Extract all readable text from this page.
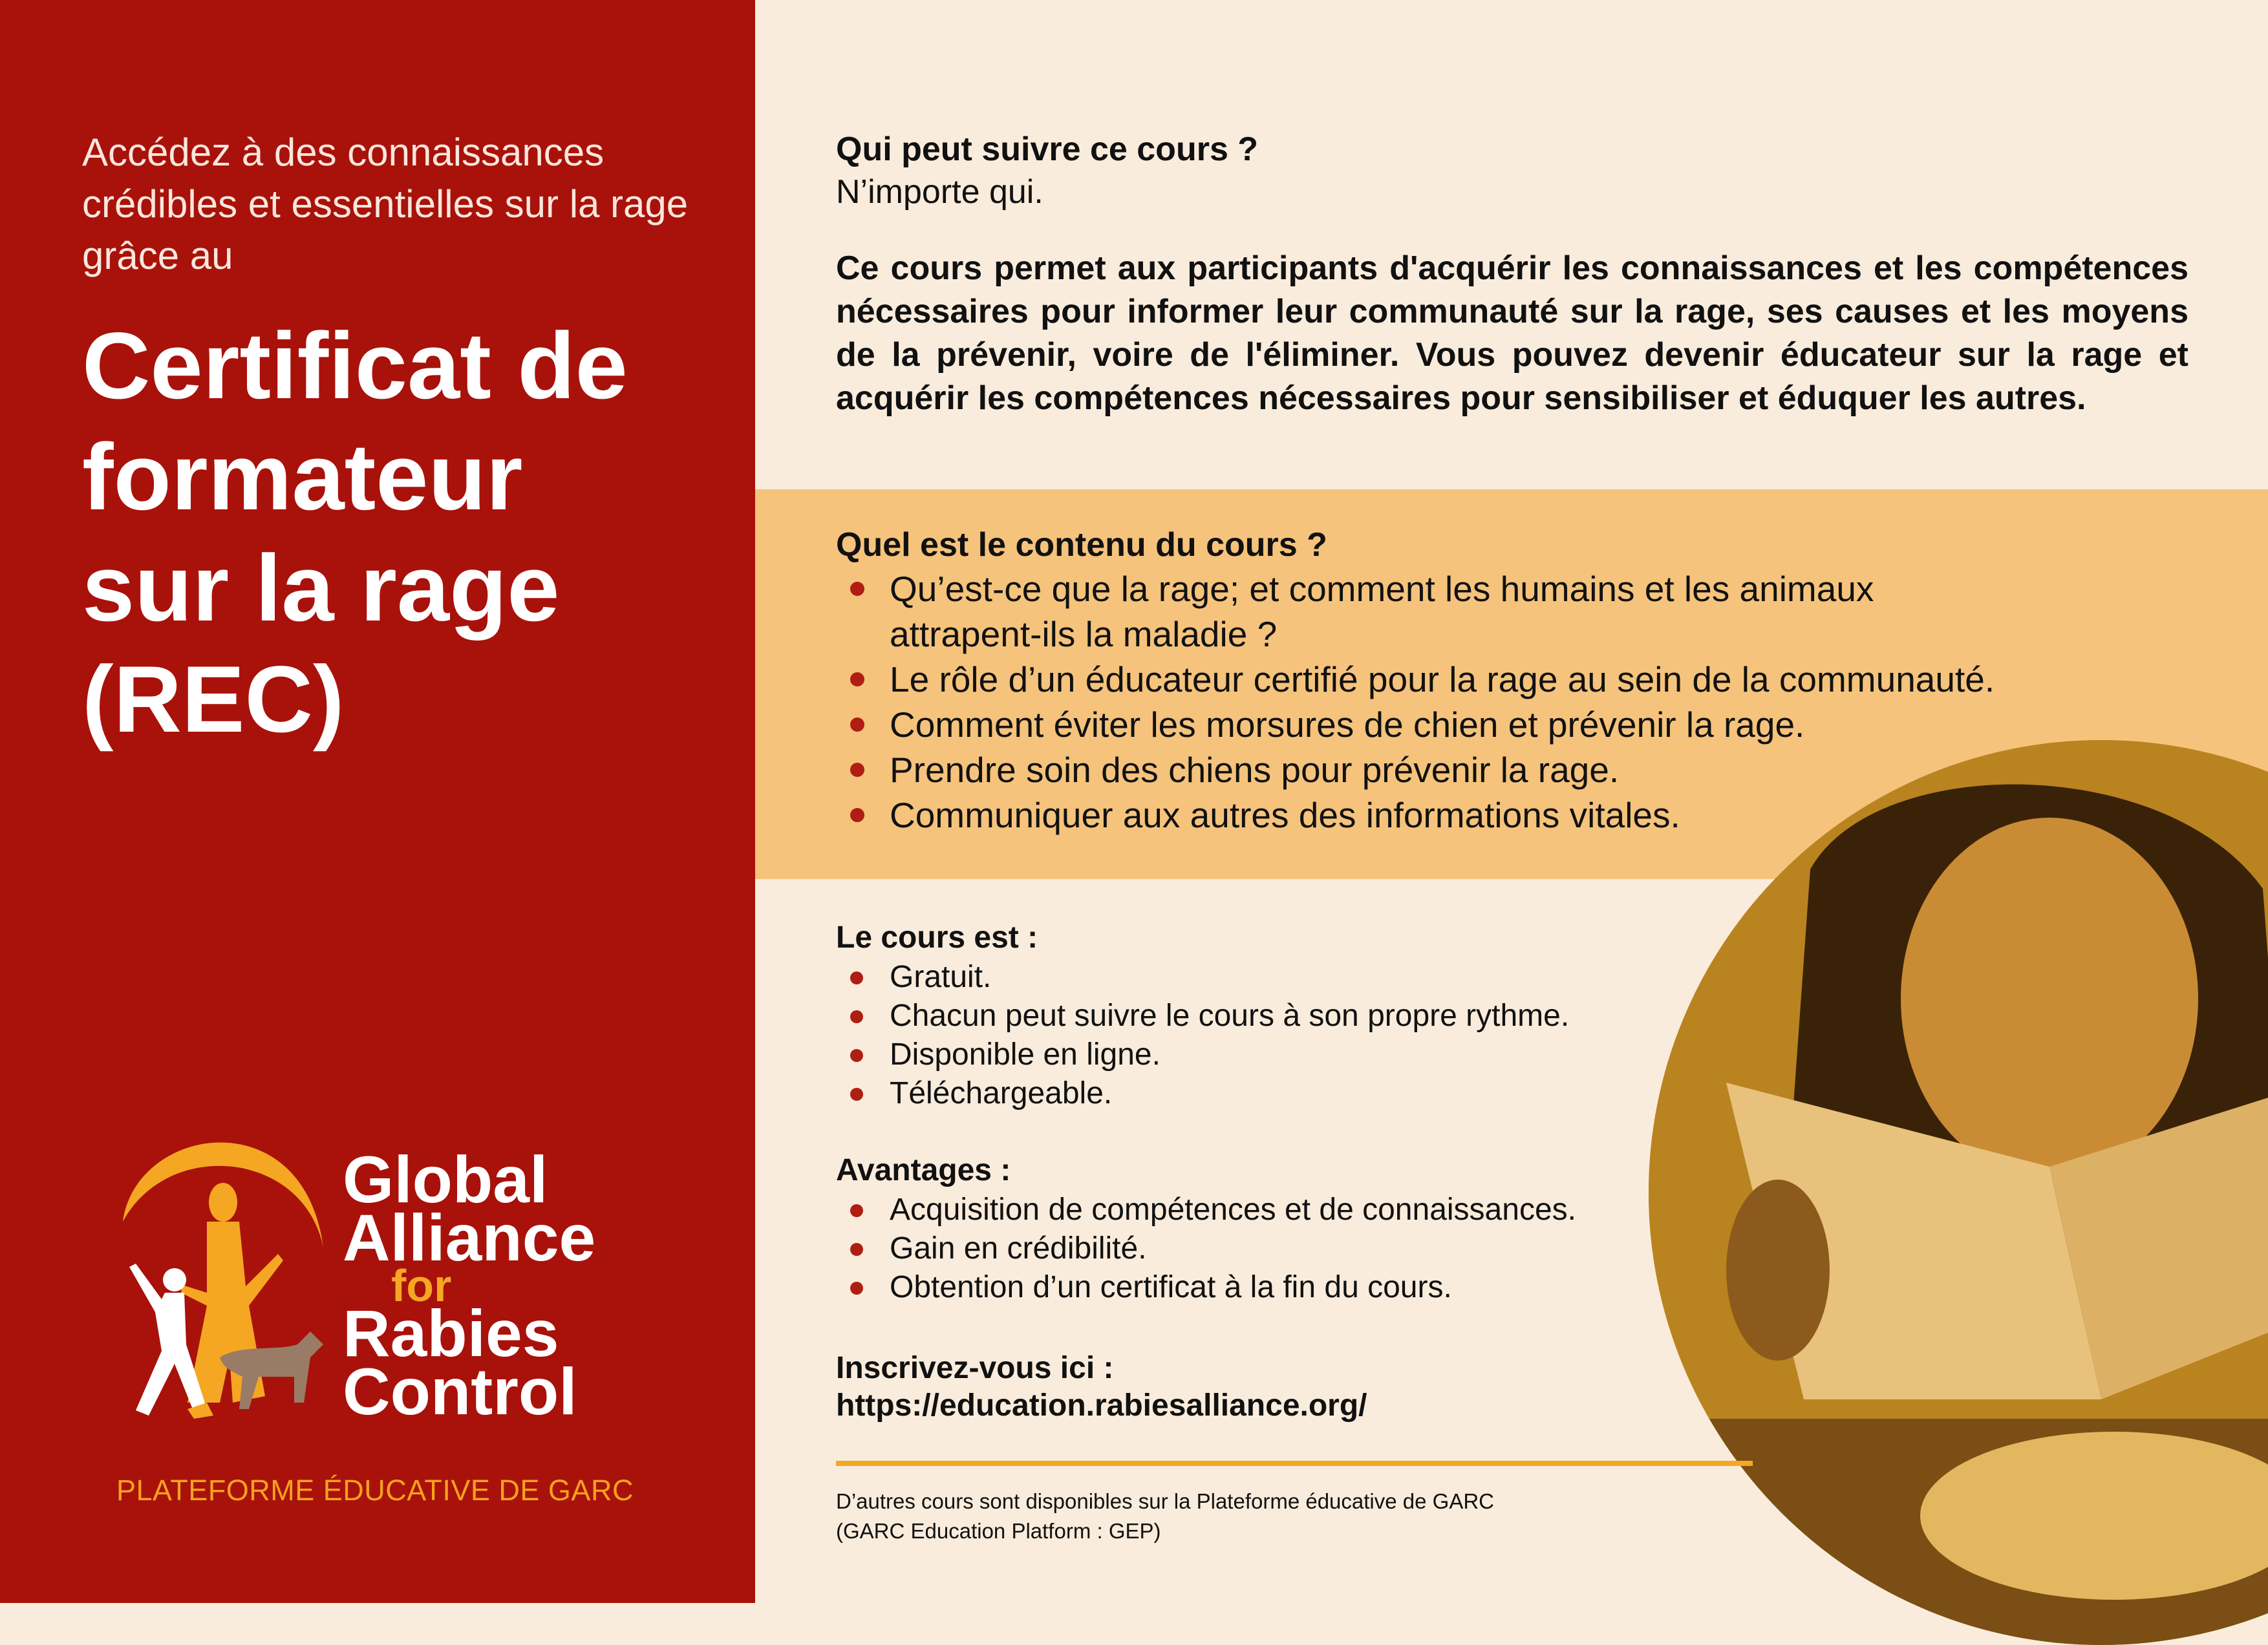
Accédez à des connaissances crédibles et essentielles sur la rage grâce au
Certificat de
formateur
sur la rage
(REC)
Global
Alliance
for
Rabies
Control
PLATEFORME ÉDUCATIVE DE GARC
Qui peut suivre ce cours ?
N’importe qui.
Ce cours permet aux participants d'acquérir les connaissances et les compétences nécessaires pour informer leur communauté sur la rage, ses causes et les moyens de la prévenir, voire de l'éliminer. Vous pouvez devenir éducateur sur la rage et acquérir les compétences nécessaires pour sensibiliser et éduquer les autres.
Quel est le contenu du cours ?
Qu’est-ce que la rage; et comment les humains et les animaux attrapent-ils la maladie ?
Le rôle d’un éducateur certifié pour la rage au sein de la communauté.
Comment éviter les morsures de chien et prévenir la rage.
Prendre soin des chiens pour prévenir la rage.
Communiquer aux autres des informations vitales.
Le cours est :
Gratuit.
Chacun peut suivre le cours à son propre rythme.
Disponible en ligne.
Téléchargeable.
Avantages :
Acquisition de compétences et de connaissances.
Gain en crédibilité.
Obtention d’un certificat à la fin du cours.
Inscrivez-vous ici :
https://education.rabiesalliance.org/
D’autres cours sont disponibles sur la Plateforme éducative de GARC
(GARC Education Platform : GEP)
